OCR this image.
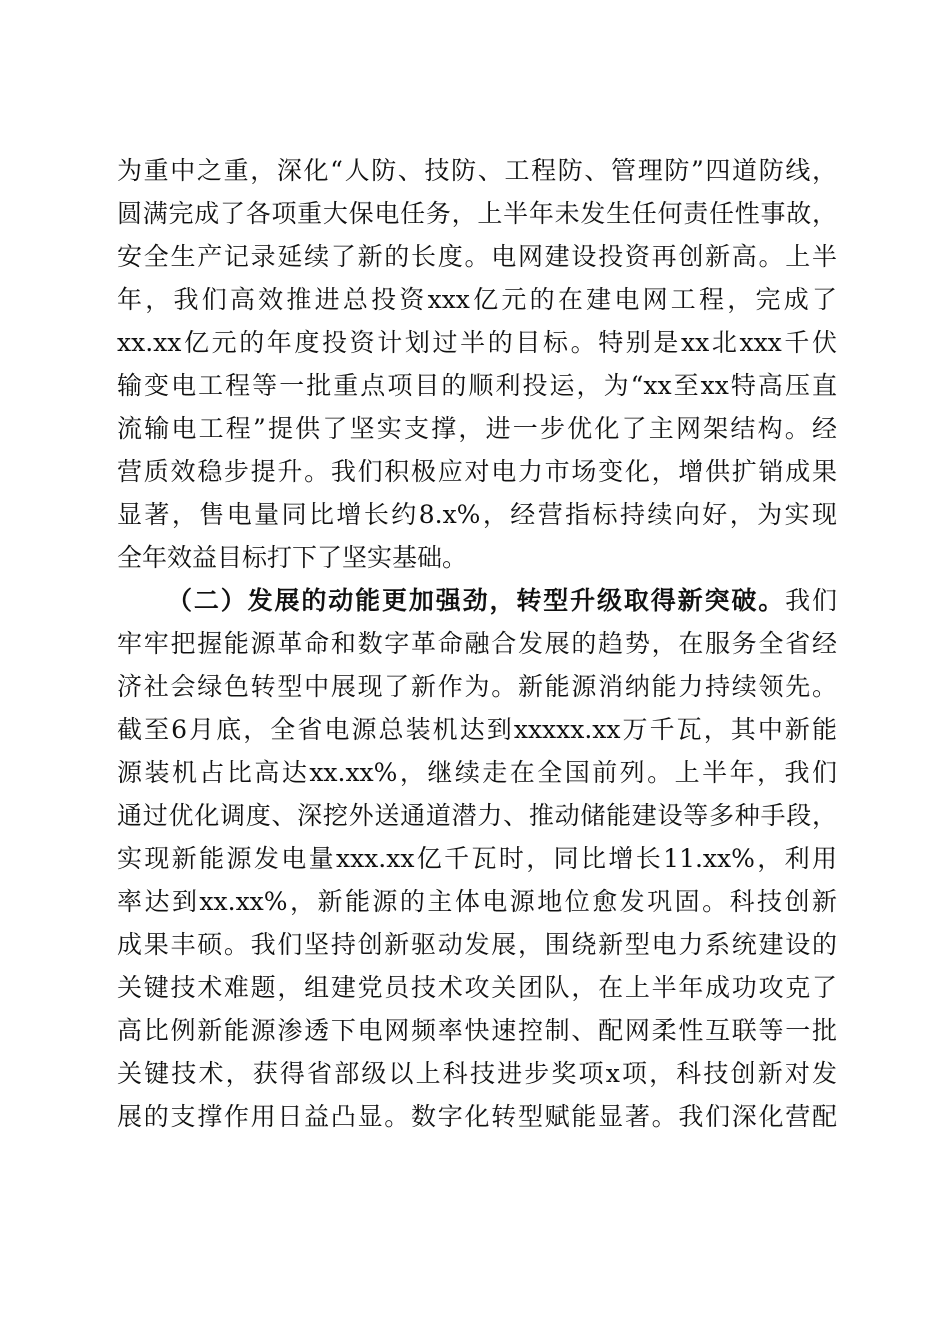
为重中之重，深化“人防、技防、工程防、管理防”四道防线，
圆满完成了各项重大保电任务，上半年未发生任何责任性事故，
安全生产记录延续了新的长度。电网建设投资再创新高。上半
年，我们高效推进总投资xxx亿元的在建电网工程，完成了
xx.xx亿元的年度投资计划过半的目标。特别是xx北xxx千伏
输变电工程等一批重点项目的顺利投运，为“xx至xx特高压直
流输电工程”提供了坚实支撑，进一步优化了主网架结构。经
营质效稳步提升。我们积极应对电力市场变化，增供扩销成果
显著，售电量同比增长约8.x%，经营指标持续向好，为实现
全年效益目标打下了坚实基础。
（二）发展的动能更加强劲，转型升级取得新突破。我们
牢牢把握能源革命和数字革命融合发展的趋势，在服务全省经
济社会绿色转型中展现了新作为。新能源消纳能力持续领先。
截至6月底，全省电源总装机达到xxxxx.xx万千瓦，其中新能
源装机占比高达xx.xx%，继续走在全国前列。上半年，我们
通过优化调度、深挖外送通道潜力、推动储能建设等多种手段，
实现新能源发电量xxx.xx亿千瓦时，同比增长11.xx%，利用
率达到xx.xx%，新能源的主体电源地位愈发巩固。科技创新
成果丰硕。我们坚持创新驱动发展，围绕新型电力系统建设的
关键技术难题，组建党员技术攻关团队，在上半年成功攻克了
高比例新能源渗透下电网频率快速控制、配网柔性互联等一批
关键技术，获得省部级以上科技进步奖项x项，科技创新对发
展的支撑作用日益凸显。数字化转型赋能显著。我们深化营配
